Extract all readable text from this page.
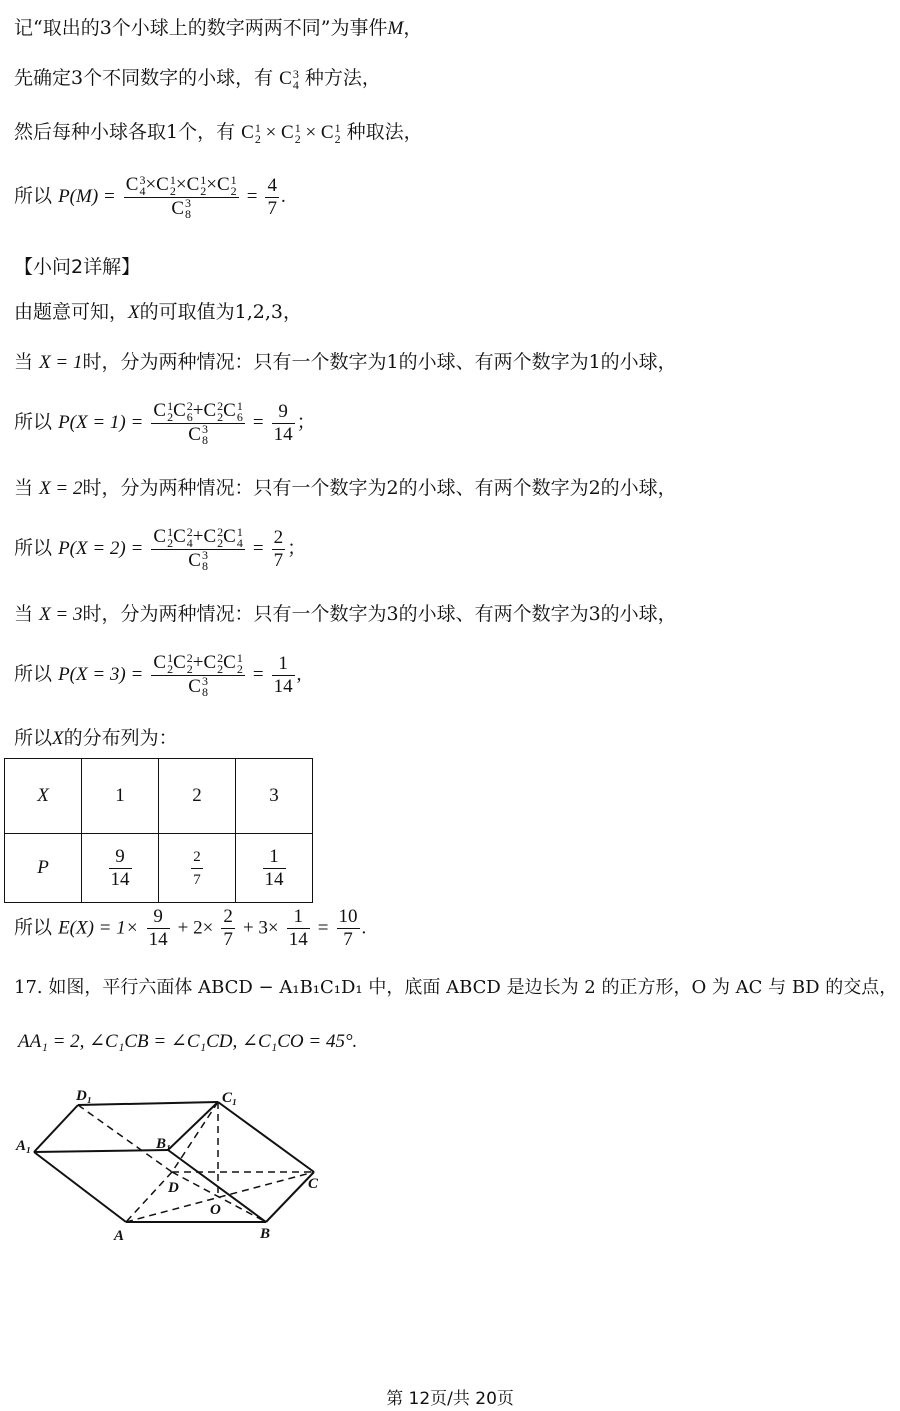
记“取出的3个小球上的数字两两不同”为事件M，
先确定3个不同数字的小球，有 C 3
4 种方法，
然后每种小球各取1个，有 C 1
2 × C 1
2 × C 1
2 种取法，
所以 P(M) = C 3
4 ×C 1
2 ×C 1
2 ×C 1
2
C 3
$8 = \frac{4}{7}$ .
【小问2详解】
由题意可知，X的可取值为1,2,3，
当 X = 1时，分为两种情况：只有一个数字为1的小球、有两个数字为1的小球，
所以 P(X = 1) = C 1
2 C 2
6 +C 2
2 C 1
6
C 3
$8 = \frac{9}{14}$ ；
当 X = 2时，分为两种情况：只有一个数字为2的小球、有两个数字为2的小球，
所以 P(X = 2) = C 1
2 C 2
4 +C 2
2 C 1
4
C 3
$8 = \frac{2}{7}$ ；
当 X = 3时，分为两种情况：只有一个数字为3的小球、有两个数字为3的小球，
所以 P(X = 3) = C 1
2 C 2
2 +C 2
2 C 1
2
C 3
$8 = \frac{1}{14}$ ,
所以X的分布列为：
X	1	2	3
P	$\frac{9}{14}$	$\frac{2}{7}$	$\frac{1}{14}$
所以 $E(X) = 1\times \frac{9}{14} + 2\times \frac{2}{7} + 3\times \frac{1}{14} = \frac{10}{7}$ .
17. 如图，平行六面体 ABCD − A₁B₁C₁D₁ 中，底面 ABCD 是边长为 2 的正方形，O 为 AC 与 BD 的交点，
AA₁ = 2, ∠C₁CB = ∠C₁CD, ∠C₁CO = 45°.
D₁	C₁
A₁	B₁
D	C
O
A	B
第 12页/共 20页
